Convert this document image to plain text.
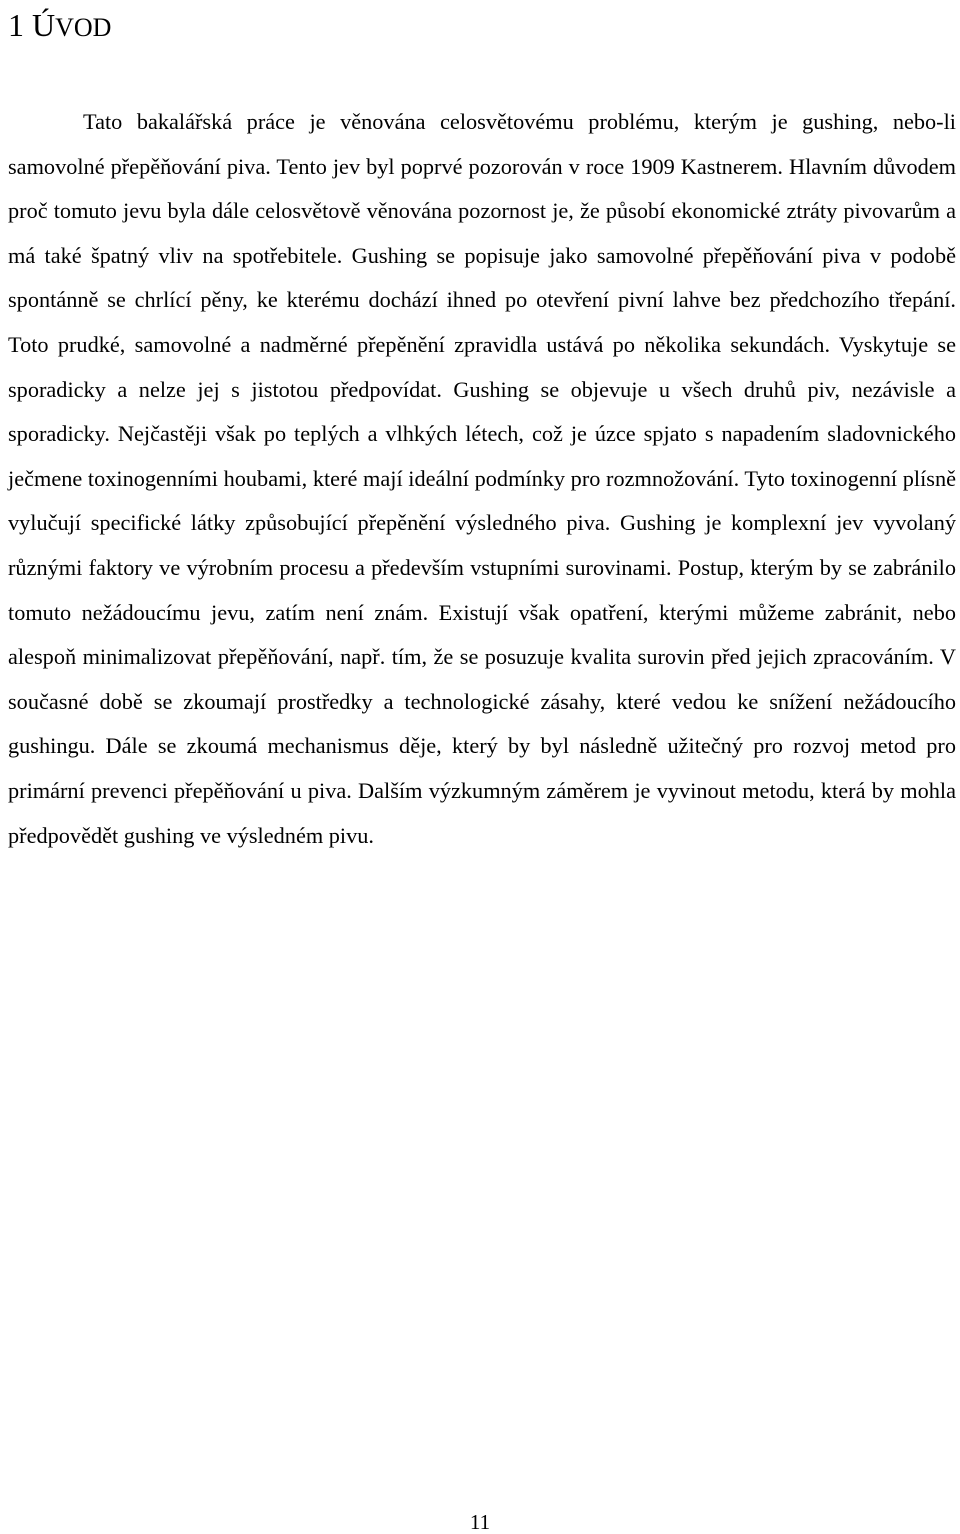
1 ÚVOD

Tato bakalářská práce je věnována celosvětovému problému, kterým je gushing, nebo-li samovolné přepěňování piva. Tento jev byl poprvé pozorován v roce 1909 Kastnerem. Hlavním důvodem proč tomuto jevu byla dále celosvětově věnována pozornost je, že působí ekonomické ztráty pivovarům a má také špatný vliv na spotřebitele. Gushing se popisuje jako samovolné přepěňování piva v podobě spontánně se chrlící pěny, ke kterému dochází ihned po otevření pivní lahve bez předchozího třepání. Toto prudké, samovolné a nadměrné přepěnění zpravidla ustává po několika sekundách. Vyskytuje se sporadicky a nelze jej s jistotou předpovídat. Gushing se objevuje u všech druhů piv, nezávisle a sporadicky. Nejčastěji však po teplých a vlhkých létech, což je úzce spjato s napadením sladovnického ječmene toxinogenními houbami, které mají ideální podmínky pro rozmnožování. Tyto toxinogenní plísně vylučují specifické látky způsobující přepěnění výsledného piva. Gushing je komplexní jev vyvolaný různými faktory ve výrobním procesu a především vstupními surovinami. Postup, kterým by se zabránilo tomuto nežádoucímu jevu, zatím není znám. Existují však opatření, kterými můžeme zabránit, nebo alespoň minimalizovat přepěňování, např. tím, že se posuzuje kvalita surovin před jejich zpracováním. V současné době se zkoumají prostředky a technologické zásahy, které vedou ke snížení nežádoucího gushingu. Dále se zkoumá mechanismus děje, který by byl následně užitečný pro rozvoj metod pro primární prevenci přepěňování u piva. Dalším výzkumným záměrem je vyvinout metodu, která by mohla předpovědět gushing ve výsledném pivu.

11
